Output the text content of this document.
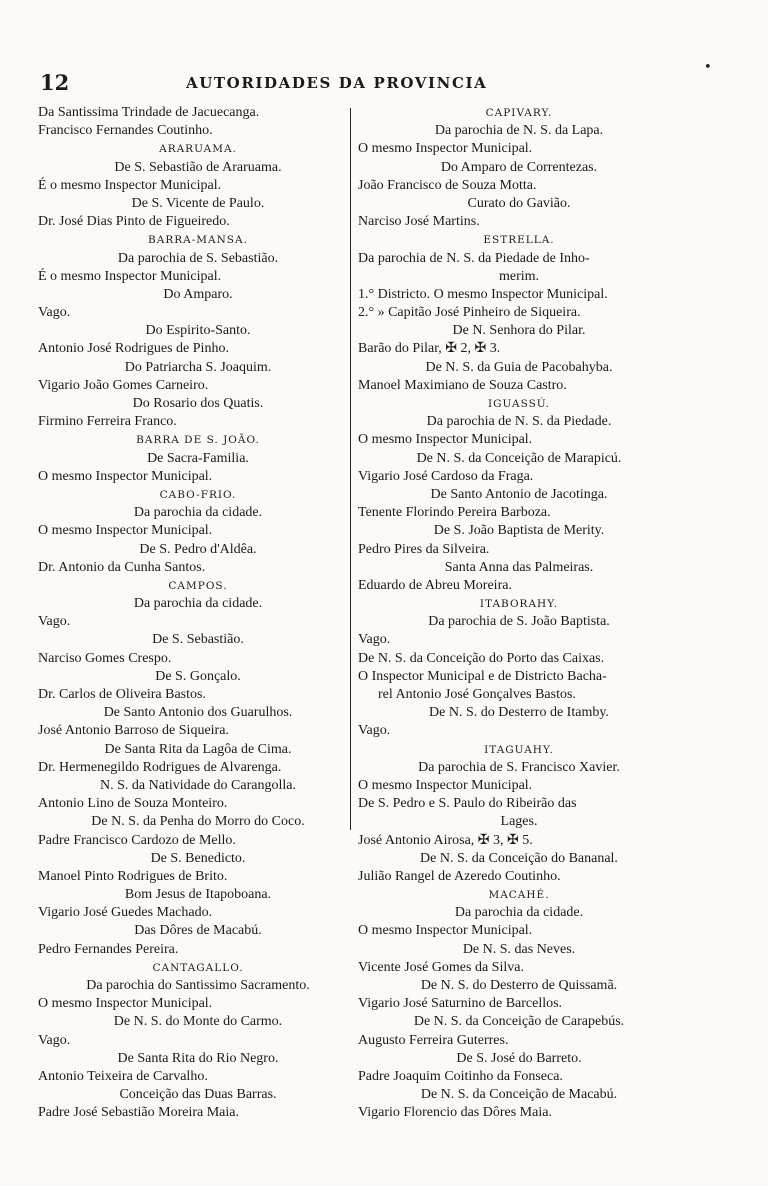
12	AUTORIDADES DA PROVINCIA
•
Da Santissima Trindade de Jacuecanga.
Francisco Fernandes Coutinho.
ARARUAMA.
De S. Sebastião de Araruama.
É o mesmo Inspector Municipal.
De S. Vicente de Paulo.
Dr. José Dias Pinto de Figueiredo.
BARRA-MANSA.
Da parochia de S. Sebastião.
É o mesmo Inspector Municipal.
Do Amparo.
Vago.
Do Espirito-Santo.
Antonio José Rodrigues de Pinho.
Do Patriarcha S. Joaquim.
Vigario João Gomes Carneiro.
Do Rosario dos Quatis.
Firmino Ferreira Franco.
BARRA DE S. JOÃO.
De Sacra-Familia.
O mesmo Inspector Municipal.
CABO-FRIO.
Da parochia da cidade.
O mesmo Inspector Municipal.
De S. Pedro d'Aldêa.
Dr. Antonio da Cunha Santos.
CAMPOS.
Da parochia da cidade.
Vago.
De S. Sebastião.
Narciso Gomes Crespo.
De S. Gonçalo.
Dr. Carlos de Oliveira Bastos.
De Santo Antonio dos Guarulhos.
José Antonio Barroso de Siqueira.
De Santa Rita da Lagôa de Cima.
Dr. Hermenegildo Rodrigues de Alvarenga.
N. S. da Natividade do Carangolla.
Antonio Lino de Souza Monteiro.
De N. S. da Penha do Morro do Coco.
Padre Francisco Cardozo de Mello.
De S. Benedicto.
Manoel Pinto Rodrigues de Brito.
Bom Jesus de Itapoboana.
Vigario José Guedes Machado.
Das Dôres de Macabú.
Pedro Fernandes Pereira.
CANTAGALLO.
Da parochia do Santissimo Sacramento.
O mesmo Inspector Municipal.
De N. S. do Monte do Carmo.
Vago.
De Santa Rita do Rio Negro.
Antonio Teixeira de Carvalho.
Conceição das Duas Barras.
Padre José Sebastião Moreira Maia.
CAPIVARY.
Da parochia de N. S. da Lapa.
O mesmo Inspector Municipal.
Do Amparo de Correntezas.
João Francisco de Souza Motta.
Curato do Gavião.
Narciso José Martins.
ESTRELLA.
Da parochia de N. S. da Piedade de Inho-
merim.
1.° Districto. O mesmo Inspector Municipal.
2.° » Capitão José Pinheiro de Siqueira.
De N. Senhora do Pilar.
Barão do Pilar, ✠ 2, ✠ 3.
De N. S. da Guia de Pacobahyba.
Manoel Maximiano de Souza Castro.
IGUASSÚ.
Da parochia de N. S. da Piedade.
O mesmo Inspector Municipal.
De N. S. da Conceição de Marapicú.
Vigario José Cardoso da Fraga.
De Santo Antonio de Jacotinga.
Tenente Florindo Pereira Barboza.
De S. João Baptista de Merity.
Pedro Pires da Silveira.
Santa Anna das Palmeiras.
Eduardo de Abreu Moreira.
ITABORAHY.
Da parochia de S. João Baptista.
Vago.
De N. S. da Conceição do Porto das Caixas.
O Inspector Municipal e de Districto Bacha-
rel Antonio José Gonçalves Bastos.
De N. S. do Desterro de Itamby.
Vago.
ITAGUAHY.
Da parochia de S. Francisco Xavier.
O mesmo Inspector Municipal.
De S. Pedro e S. Paulo do Ribeirão das
Lages.
José Antonio Airosa, ✠ 3, ✠ 5.
De N. S. da Conceição do Bananal.
Julião Rangel de Azeredo Coutinho.
MACAHÉ.
Da parochia da cidade.
O mesmo Inspector Municipal.
De N. S. das Neves.
Vicente José Gomes da Silva.
De N. S. do Desterro de Quissamã.
Vigario José Saturnino de Barcellos.
De N. S. da Conceição de Carapebús.
Augusto Ferreira Guterres.
De S. José do Barreto.
Padre Joaquim Coitinho da Fonseca.
De N. S. da Conceição de Macabú.
Vigario Florencio das Dôres Maia.
